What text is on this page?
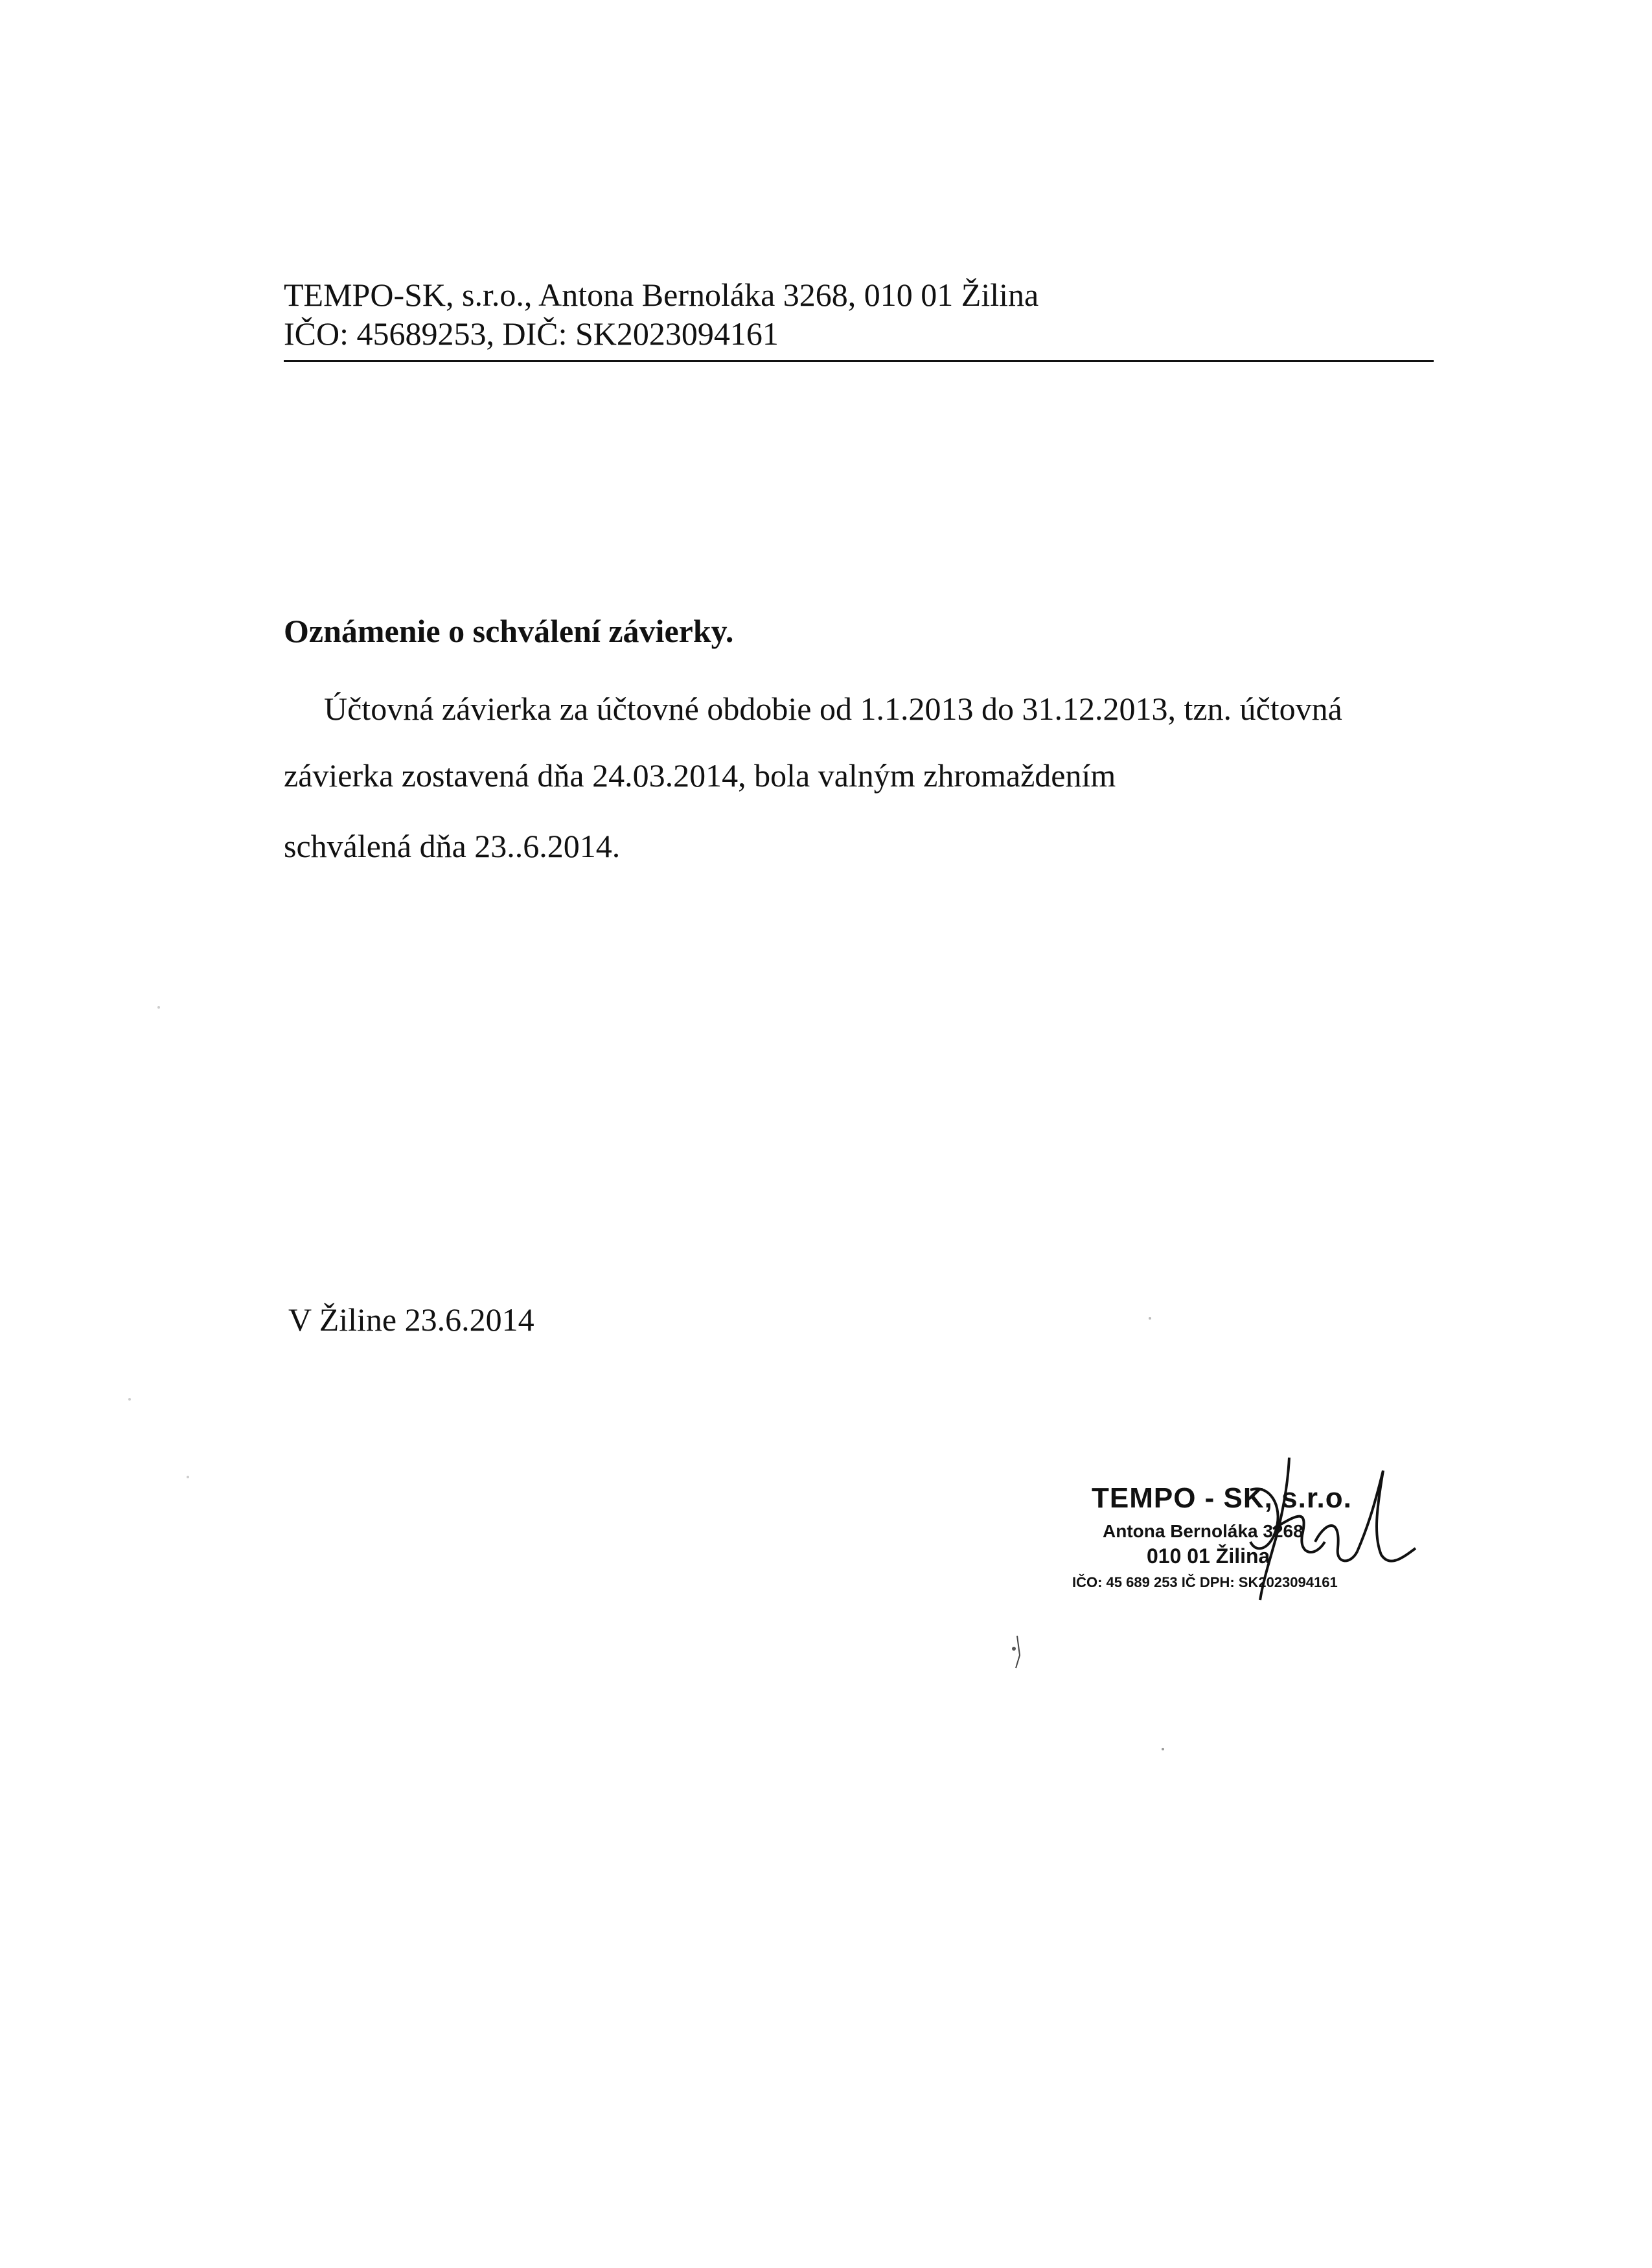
TEMPO-SK, s.r.o., Antona Bernoláka 3268, 010 01 Žilina
IČO: 45689253, DIČ: SK2023094161
Oznámenie o schválení závierky.
Účtovná závierka za účtovné obdobie od 1.1.2013 do 31.12.2013, tzn. účtovná
závierka zostavená dňa 24.03.2014, bola valným zhromaždením
schválená dňa 23..6.2014.
V Žiline 23.6.2014
TEMPO - SK, s.r.o.
Antona Bernoláka 3268
010 01 Žilina
IČO: 45 689 253 IČ DPH: SK2023094161
